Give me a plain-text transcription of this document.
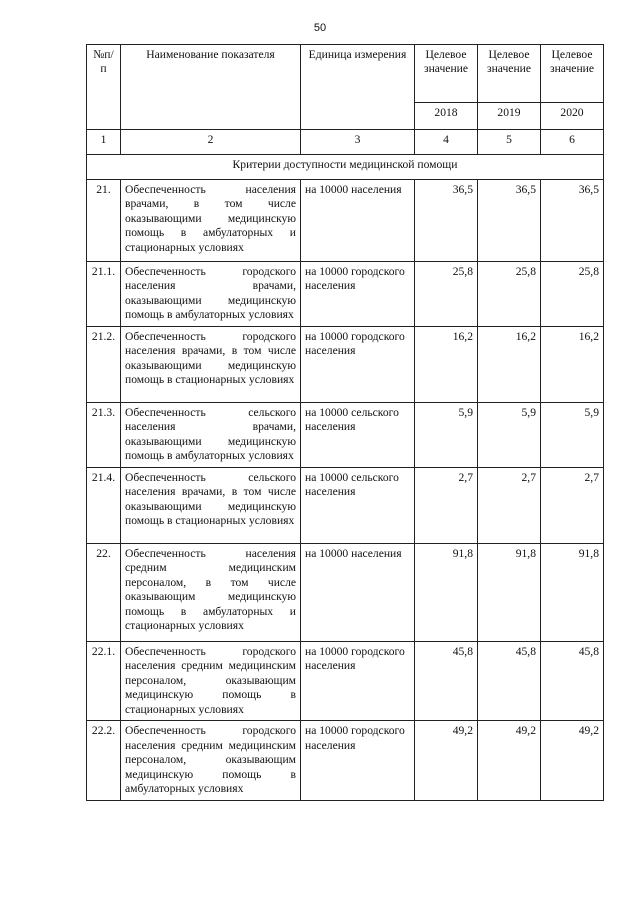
50
№п/ п	Наименование показателя	Единица измерения	Целевое значение	Целевое значение	Целевое значение
			2018	2019	2020
1	2	3	4	5	6
Критерии доступности медицинской помощи					
21.	Обеспеченность населения врачами, в том числе оказывающими медицинскую помощь в амбулаторных и стационарных условиях	на 10000 населения	36,5	36,5	36,5
21.1.	Обеспеченность городского населения врачами, оказывающими медицинскую помощь в амбулаторных условиях	на 10000 городского населения	25,8	25,8	25,8
21.2.	Обеспеченность городского населения врачами, в том числе оказывающими медицинскую помощь в стационарных условиях	на 10000 городского населения	16,2	16,2	16,2
21.3.	Обеспеченность сельского населения врачами, оказывающими медицинскую помощь в амбулаторных условиях	на 10000 сельского населения	5,9	5,9	5,9
21.4.	Обеспеченность сельского населения врачами, в том числе оказывающими медицинскую помощь в стационарных условиях	на 10000 сельского населения	2,7	2,7	2,7
22.	Обеспеченность населения средним медицинским персоналом, в том числе оказывающим медицинскую помощь в амбулаторных и стационарных условиях	на 10000 населения	91,8	91,8	91,8
22.1.	Обеспеченность городского населения средним медицинским персоналом, оказывающим медицинскую помощь в стационарных условиях	на 10000 городского населения	45,8	45,8	45,8
22.2.	Обеспеченность городского населения средним медицинским персоналом, оказывающим медицинскую помощь в амбулаторных условиях	на 10000 городского населения	49,2	49,2	49,2
